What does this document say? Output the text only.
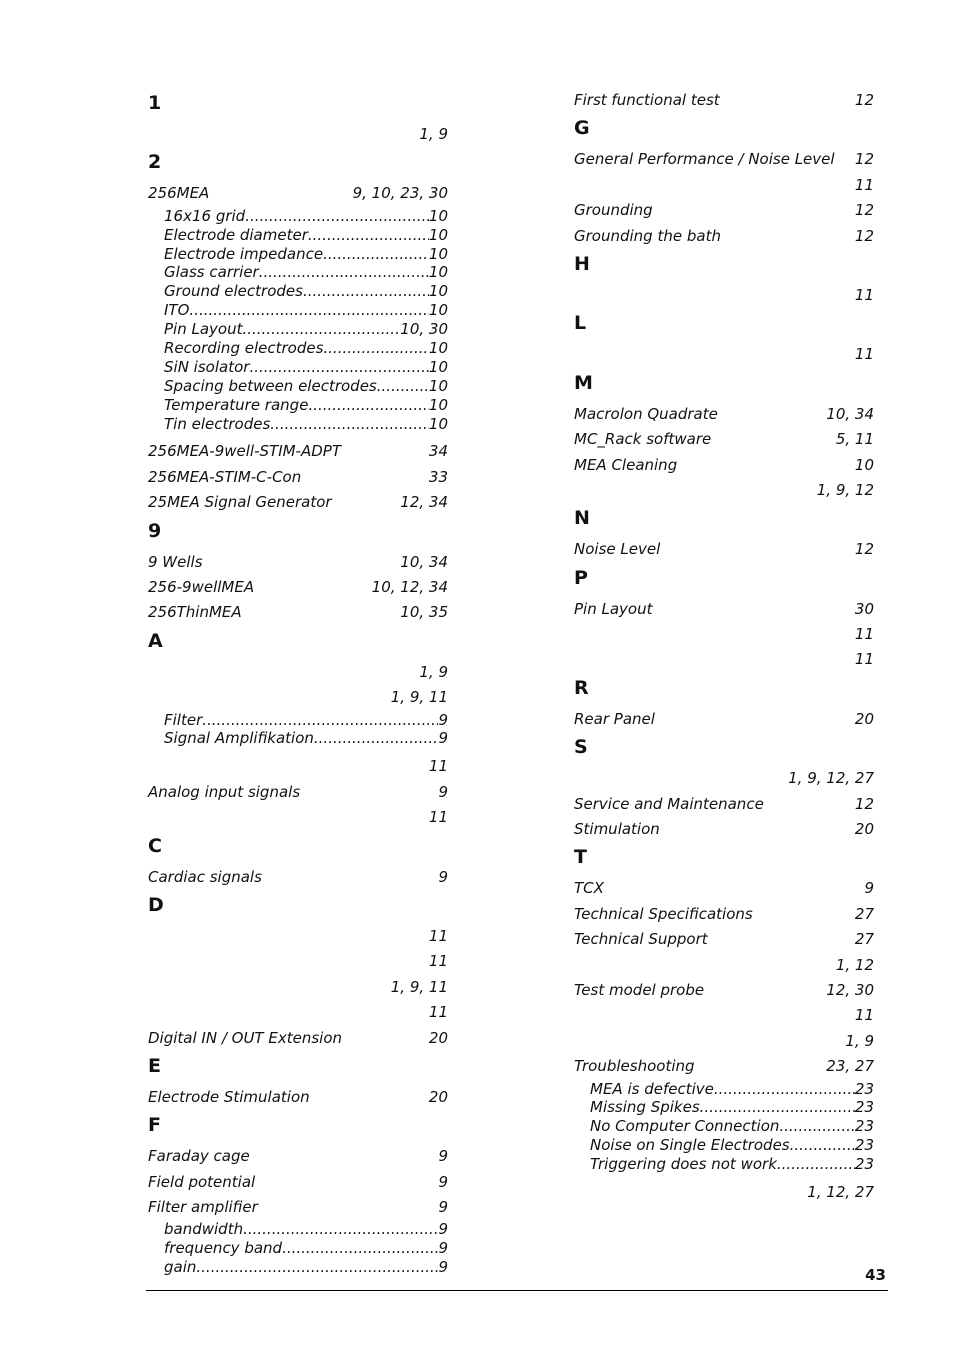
1
1, 9
2
256MEA	9, 10, 23, 30
16x16 grid .....	10
Electrode diameter .....	10
Electrode impedance .....	10
Glass carrier .....	10
Ground electrodes .....	10
ITO .....	10
Pin Layout .....	10, 30
Recording electrodes .....	10
SiN isolator .....	10
Spacing between electrodes .....	10
Temperature range .....	10
Tin electrodes .....	10
256MEA-9well-STIM-ADPT	34
256MEA-STIM-C-Con	33
25MEA Signal Generator	12, 34
9
9 Wells	10, 34
256-9wellMEA	10, 12, 34
256ThinMEA	10, 35
A
1, 9
1, 9, 11
Filter .....	9
Signal Amplifikation .....	9
11
Analog input signals	9
11
C
Cardiac signals	9
D
11
11
1, 9, 11
11
Digital IN / OUT Extension	20
E
Electrode Stimulation	20
F
Faraday cage	9
Field potential	9
Filter amplifier	9
bandwidth .....	9
frequency band .....	9
gain .....	9
First functional test	12
G
General Performance / Noise Level 12
11
Grounding	12
Grounding the bath	12
H
11
L
11
M
Macrolon Quadrate	10, 34
MC_Rack software	5, 11
MEA Cleaning	10
1, 9, 12
N
Noise Level	12
P
Pin Layout	30
11
11
R
Rear Panel	20
S
1, 9, 12, 27
Service and Maintenance	12
Stimulation	20
T
TCX	9
Technical Specifications	27
Technical Support	27
1, 12
Test model probe	12, 30
11
1, 9
Troubleshooting	23, 27
MEA is defective .....	23
Missing Spikes .....	23
No Computer Connection .....	23
Noise on Single Electrodes .....	23
Triggering does not work .....	23
1, 12, 27
43
